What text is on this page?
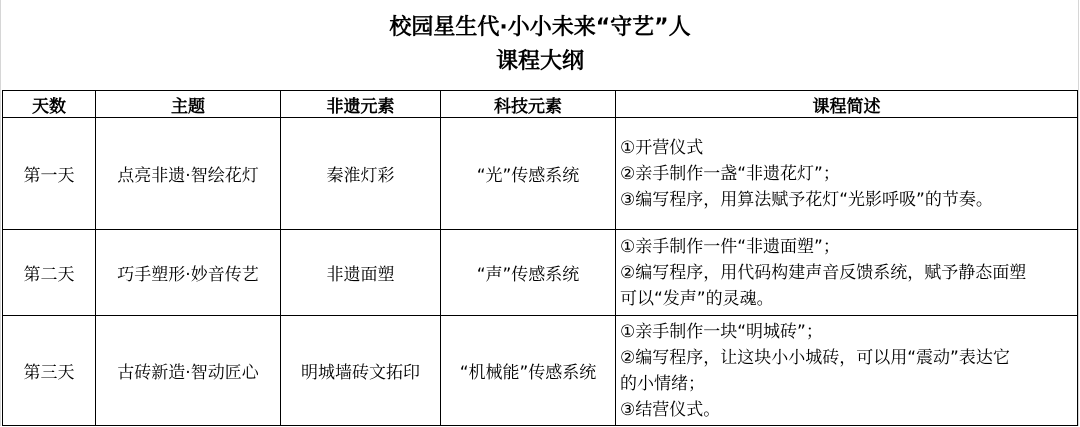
校园星生代·小小未来“守艺”人
课程大纲
天数	主题	非遗元素	科技元素	课程简述
第一天	点亮非遗·智绘花灯	秦淮灯彩	“光”传感系统	①开营仪式
②亲手制作一盏“非遗花灯”；
③编写程序，用算法赋予花灯“光影呼吸”的节奏。

第二天	巧手塑形·妙音传艺	非遗面塑	“声”传感系统	①亲手制作一件“非遗面塑”；
②编写程序，用代码构建声音反馈系统，赋予静态面塑
可以“发声”的灵魂。

第三天	古砖新造·智动匠心	明城墙砖文拓印	“机械能”传感系统	①亲手制作一块“明城砖”；
②编写程序，让这块小小城砖，可以用“震动”表达它
的小情绪；
③结营仪式。
